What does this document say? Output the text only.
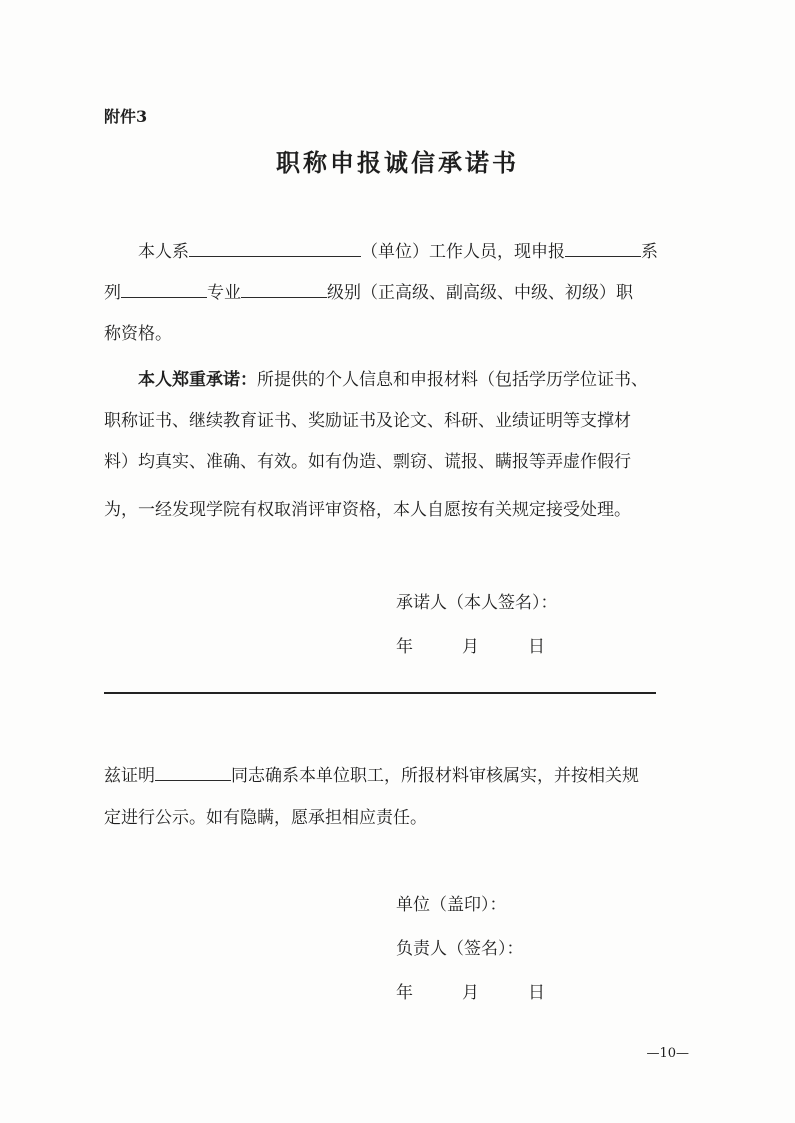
附件3
职称申报诚信承诺书
本人系	（单位）工作人员，现申报	系
列	专业	级别（正高级、副高级、中级、初级）职
称资格。
本人郑重承诺：所提供的个人信息和申报材料（包括学历学位证书、
职称证书、继续教育证书、奖励证书及论文、科研、业绩证明等支撑材
料）均真实、准确、有效。如有伪造、剽窃、谎报、瞒报等弄虚作假行
为，一经发现学院有权取消评审资格，本人自愿按有关规定接受处理。
承诺人（本人签名）：
年	月	日
兹证明	同志确系本单位职工，所报材料审核属实，并按相关规
定进行公示。如有隐瞒，愿承担相应责任。
单位（盖印）：
负责人（签名）：
年	月	日
—10—
